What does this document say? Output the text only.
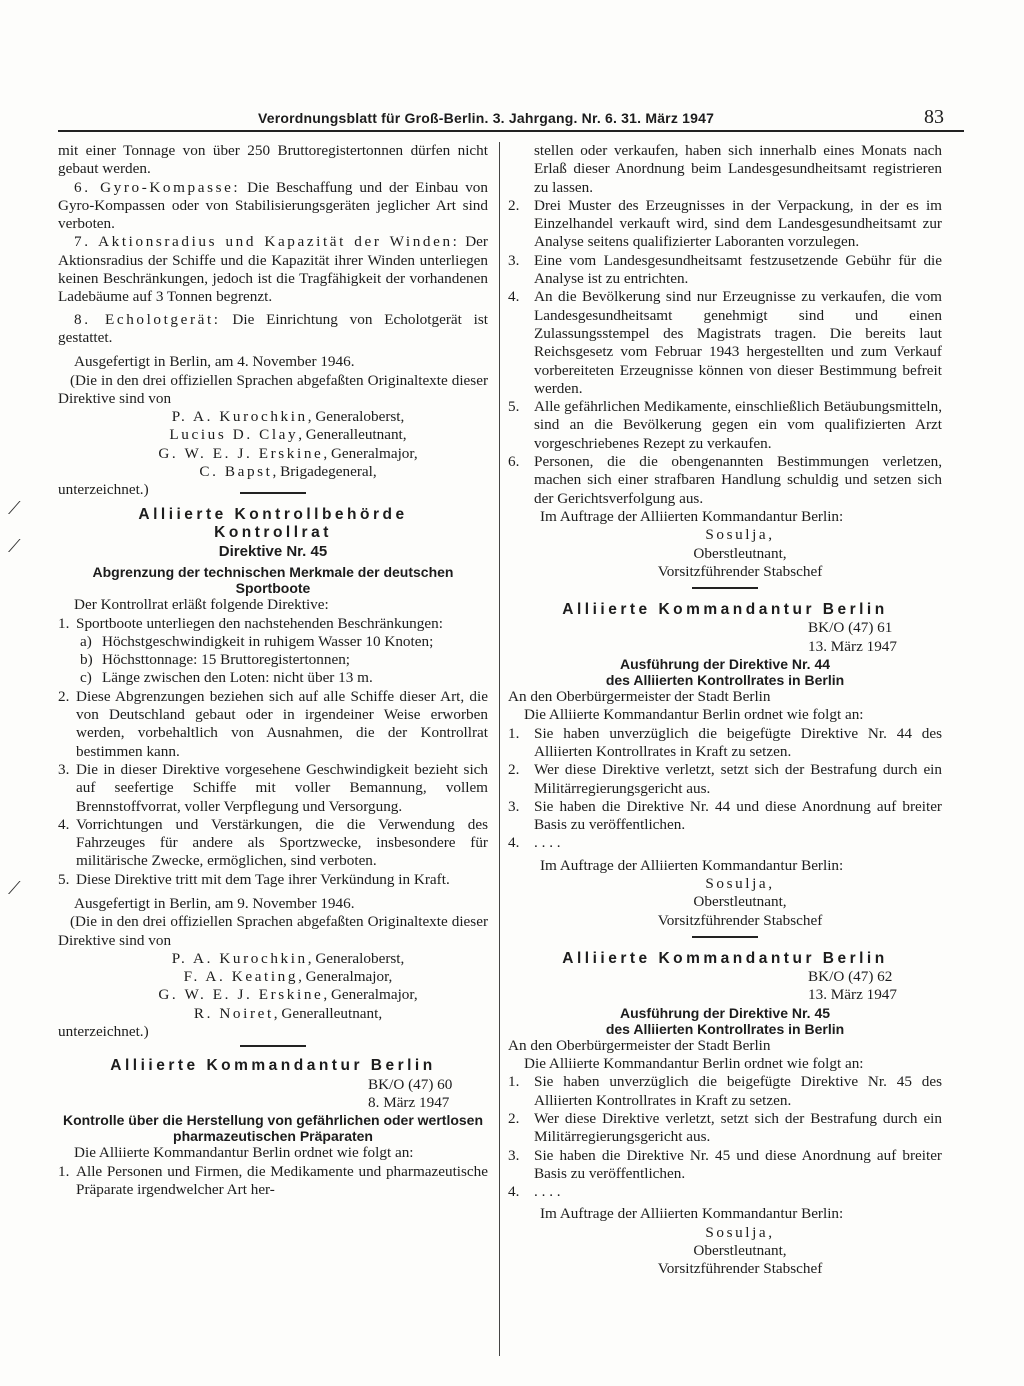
Verordnungsblatt für Groß-Berlin. 3. Jahrgang. Nr. 6. 31. März 1947	83
⟋
⟋
⟋

mit einer Tonnage von über 250 Bruttoregistertonnen dürfen nicht gebaut werden.

6. Gyro-Kompasse: Die Beschaffung und der Einbau von Gyro-Kompassen oder von Stabilisierungsgeräten jeglicher Art sind verboten.

7. Aktionsradius und Kapazität der Winden: Der Aktionsradius der Schiffe und die Kapazität ihrer Winden unterliegen keinen Beschränkungen, jedoch ist die Tragfähigkeit der vorhandenen Ladebäume auf 3 Tonnen begrenzt.

8. Echolotgerät: Die Einrichtung von Echolotgerät ist gestattet.

Ausgefertigt in Berlin, am 4. November 1946.

(Die in den drei offiziellen Sprachen abgefaßten Originaltexte dieser Direktive sind von

P. A. Kurochkin, Generaloberst,
Lucius D. Clay, Generalleutnant,
G. W. E. J. Erskine, Generalmajor,
C. Bapst, Brigadegeneral,

unterzeichnet.)

Alliierte Kontrollbehörde
Kontrollrat
Direktive Nr. 45
Abgrenzung der technischen Merkmale der deutschen Sportboote

Der Kontrollrat erläßt folgende Direktive:

1. Sportboote unterliegen den nachstehenden Beschränkungen:
a) Höchstgeschwindigkeit in ruhigem Wasser 10 Knoten;
b) Höchsttonnage: 15 Bruttoregistertonnen;
c) Länge zwischen den Loten: nicht über 13 m.
2. Diese Abgrenzungen beziehen sich auf alle Schiffe dieser Art, die von Deutschland gebaut oder in irgendeiner Weise erworben werden, vorbehaltlich von Ausnahmen, die der Kontrollrat bestimmen kann.
3. Die in dieser Direktive vorgesehene Geschwindigkeit bezieht sich auf seefertige Schiffe mit voller Bemannung, vollem Brennstoffvorrat, voller Verpflegung und Versorgung.
4. Vorrichtungen und Verstärkungen, die die Verwendung des Fahrzeuges für andere als Sportzwecke, insbesondere für militärische Zwecke, ermöglichen, sind verboten.
5. Diese Direktive tritt mit dem Tage ihrer Verkündung in Kraft.

Ausgefertigt in Berlin, am 9. November 1946.

(Die in den drei offiziellen Sprachen abgefaßten Originaltexte dieser Direktive sind von

P. A. Kurochkin, Generaloberst,
F. A. Keating, Generalmajor,
G. W. E. J. Erskine, Generalmajor,
R. Noiret, Generalleutnant,

unterzeichnet.)

Alliierte Kommandantur Berlin
BK/O (47) 60
8. März 1947
Kontrolle über die Herstellung von gefährlichen oder wertlosen pharmazeutischen Präparaten

Die Alliierte Kommandantur Berlin ordnet wie folgt an:

1. Alle Personen und Firmen, die Medikamente und pharmazeutische Präparate irgendwelcher Art her-

stellen oder verkaufen, haben sich innerhalb eines Monats nach Erlaß dieser Anordnung beim Landesgesundheitsamt registrieren zu lassen.

2. Drei Muster des Erzeugnisses in der Verpackung, in der es im Einzelhandel verkauft wird, sind dem Landesgesundheitsamt zur Analyse seitens qualifizierter Laboranten vorzulegen.
3. Eine vom Landesgesundheitsamt festzusetzende Gebühr für die Analyse ist zu entrichten.
4. An die Bevölkerung sind nur Erzeugnisse zu verkaufen, die vom Landesgesundheitsamt genehmigt sind und einen Zulassungsstempel des Magistrats tragen. Die bereits laut Reichsgesetz vom Februar 1943 hergestellten und zum Verkauf vorbereiteten Erzeugnisse können von dieser Bestimmung befreit werden.
5. Alle gefährlichen Medikamente, einschließlich Betäubungsmitteln, sind an die Bevölkerung gegen ein vom qualifizierten Arzt vorgeschriebenes Rezept zu verkaufen.
6. Personen, die die obengenannten Bestimmungen verletzen, machen sich einer strafbaren Handlung schuldig und setzen sich der Gerichtsverfolgung aus.

Im Auftrage der Alliierten Kommandantur Berlin:

Sosulja,
Oberstleutnant,
Vorsitzführender Stabschef
Alliierte Kommandantur Berlin
BK/O (47) 61
13. März 1947
Ausführung der Direktive Nr. 44
des Alliierten Kontrollrates in Berlin

An den Oberbürgermeister der Stadt Berlin

Die Alliierte Kommandantur Berlin ordnet wie folgt an:

1. Sie haben unverzüglich die beigefügte Direktive Nr. 44 des Alliierten Kontrollrates in Kraft zu setzen.
2. Wer diese Direktive verletzt, setzt sich der Bestrafung durch ein Militärregierungsgericht aus.
3. Sie haben die Direktive Nr. 44 und diese Anordnung auf breiter Basis zu veröffentlichen.
4. . . . .

Im Auftrage der Alliierten Kommandantur Berlin:

Sosulja,
Oberstleutnant,
Vorsitzführender Stabschef
Alliierte Kommandantur Berlin
BK/O (47) 62
13. März 1947
Ausführung der Direktive Nr. 45
des Alliierten Kontrollrates in Berlin

An den Oberbürgermeister der Stadt Berlin

Die Alliierte Kommandantur Berlin ordnet wie folgt an:

1. Sie haben unverzüglich die beigefügte Direktive Nr. 45 des Alliierten Kontrollrates in Kraft zu setzen.
2. Wer diese Direktive verletzt, setzt sich der Bestrafung durch ein Militärregierungsgericht aus.
3. Sie haben die Direktive Nr. 45 und diese Anordnung auf breiter Basis zu veröffentlichen.
4. . . . .

Im Auftrage der Alliierten Kommandantur Berlin:

Sosulja,
Oberstleutnant,
Vorsitzführender Stabschef
